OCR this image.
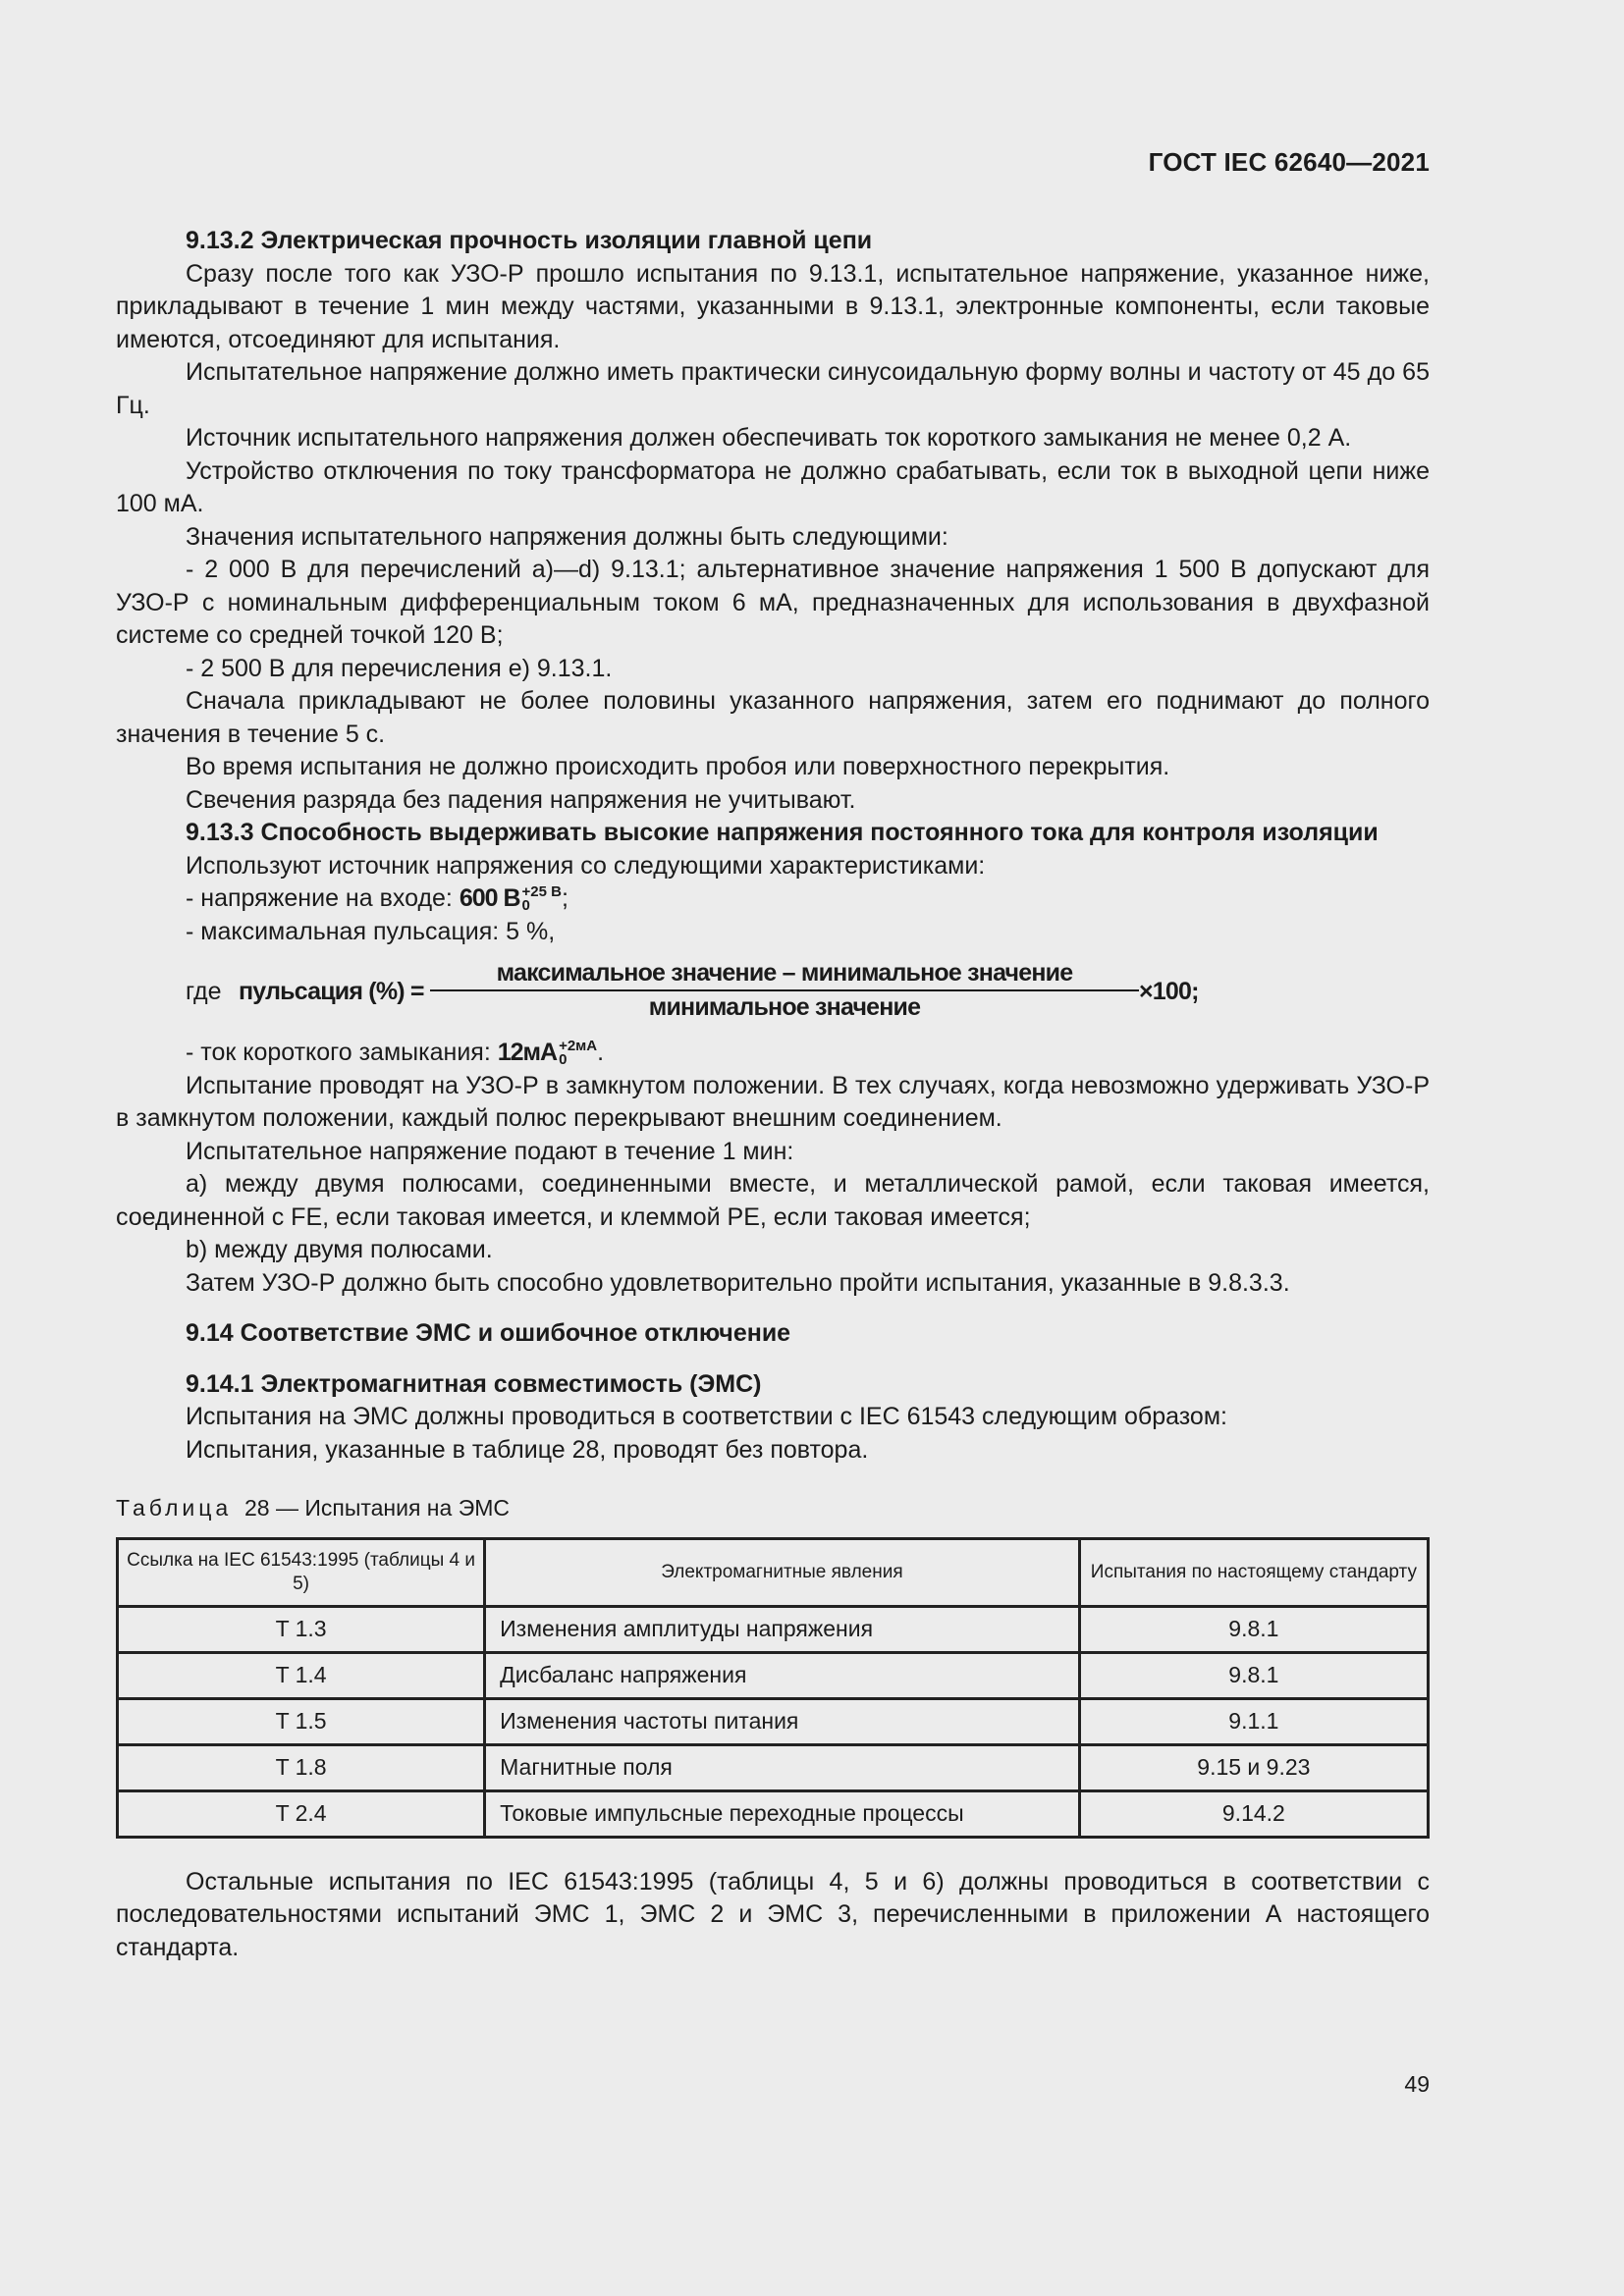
ГОСТ IEC 62640—2021

9.13.2 Электрическая прочность изоляции главной цепи

Сразу после того как УЗО-Р прошло испытания по 9.13.1, испытательное напряжение, указанное ниже, прикладывают в течение 1 мин между частями, указанными в 9.13.1, электронные компоненты, если таковые имеются, отсоединяют для испытания.

Испытательное напряжение должно иметь практически синусоидальную форму волны и частоту от 45 до 65 Гц.

Источник испытательного напряжения должен обеспечивать ток короткого замыкания не менее 0,2 А.

Устройство отключения по току трансформатора не должно срабатывать, если ток в выходной цепи ниже 100 мА.

Значения испытательного напряжения должны быть следующими:

- 2 000 В для перечислений а)—d) 9.13.1; альтернативное значение напряжения 1 500 В допускают для УЗО-Р с номинальным дифференциальным током 6 мА, предназначенных для использования в двухфазной системе со средней точкой 120 В;

- 2 500 В для перечисления е) 9.13.1.

Сначала прикладывают не более половины указанного напряжения, затем его поднимают до полного значения в течение 5 с.

Во время испытания не должно происходить пробоя или поверхностного перекрытия.

Свечения разряда без падения напряжения не учитывают.

9.13.3 Способность выдерживать высокие напряжения постоянного тока для контроля изоляции

Используют источник напряжения со следующими характеристиками:

- напряжение на входе: 600 В +25 В
0	;

- максимальная пульсация: 5 %,

где пульсация (%) =
максимальное значение – минимальное значение
минимальное значение
×100;

- ток короткого замыкания: 12мА +2мА
0	.

Испытание проводят на УЗО-Р в замкнутом положении. В тех случаях, когда невозможно удерживать УЗО-Р в замкнутом положении, каждый полюс перекрывают внешним соединением.

Испытательное напряжение подают в течение 1 мин:

а) между двумя полюсами, соединенными вместе, и металлической рамой, если таковая имеется, соединенной с FE, если таковая имеется, и клеммой РЕ, если таковая имеется;

b) между двумя полюсами.

Затем УЗО-Р должно быть способно удовлетворительно пройти испытания, указанные в 9.8.3.3.

9.14 Соответствие ЭМС и ошибочное отключение

9.14.1 Электромагнитная совместимость (ЭМС)

Испытания на ЭМС должны проводиться в соответствии с IEC 61543 следующим образом:

Испытания, указанные в таблице 28, проводят без повтора.

Таблица 28 — Испытания на ЭМС
Ссылка на IEC 61543:1995 (таблицы 4 и 5)	Электромагнитные явления	Испытания по настоящему стандарту
T 1.3	Изменения амплитуды напряжения	9.8.1
T 1.4	Дисбаланс напряжения	9.8.1
T 1.5	Изменения частоты питания	9.1.1
T 1.8	Магнитные поля	9.15 и 9.23
T 2.4	Токовые импульсные переходные процессы	9.14.2

Остальные испытания по IEC 61543:1995 (таблицы 4, 5 и 6) должны проводиться в соответствии с последовательностями испытаний ЭМС 1, ЭМС 2 и ЭМС 3, перечисленными в приложении А настоящего стандарта.

49
